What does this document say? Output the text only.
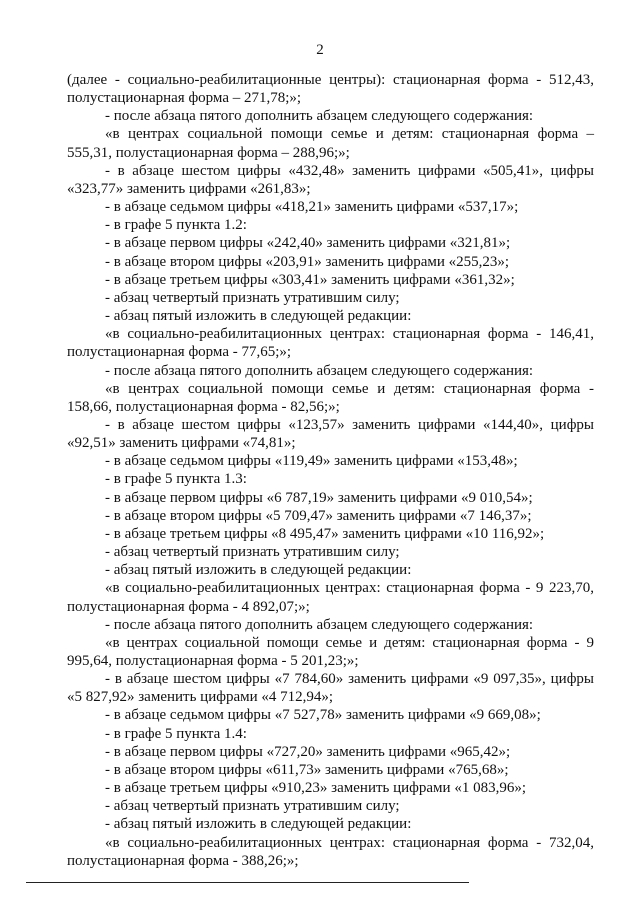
2

(далее - социально-реабилитационные центры): стационарная форма - 512,43, полустационарная форма – 271,78;»;

- после абзаца пятого дополнить абзацем следующего содержания:

«в центрах социальной помощи семье и детям: стационарная форма – 555,31, полустационарная форма – 288,96;»;

- в абзаце шестом цифры «432,48» заменить цифрами «505,41», цифры «323,77» заменить цифрами «261,83»;

- в абзаце седьмом цифры «418,21» заменить цифрами «537,17»;

- в графе 5 пункта 1.2:

- в абзаце первом цифры «242,40» заменить цифрами «321,81»;

- в абзаце втором цифры «203,91» заменить цифрами «255,23»;

- в абзаце третьем цифры «303,41» заменить цифрами «361,32»;

- абзац четвертый признать утратившим силу;

- абзац пятый изложить в следующей редакции:

«в социально-реабилитационных центрах: стационарная форма - 146,41, полустационарная форма - 77,65;»;

- после абзаца пятого дополнить абзацем следующего содержания:

«в центрах социальной помощи семье и детям: стационарная форма - 158,66, полустационарная форма - 82,56;»;

- в абзаце шестом цифры «123,57» заменить цифрами «144,40», цифры «92,51» заменить цифрами «74,81»;

- в абзаце седьмом цифры «119,49» заменить цифрами «153,48»;

- в графе 5 пункта 1.3:

- в абзаце первом цифры «6 787,19» заменить цифрами «9 010,54»;

- в абзаце втором цифры «5 709,47» заменить цифрами «7 146,37»;

- в абзаце третьем цифры «8 495,47» заменить цифрами «10 116,92»;

- абзац четвертый признать утратившим силу;

- абзац пятый изложить в следующей редакции:

«в социально-реабилитационных центрах: стационарная форма - 9 223,70, полустационарная форма - 4 892,07;»;

- после абзаца пятого дополнить абзацем следующего содержания:

«в центрах социальной помощи семье и детям: стационарная форма - 9 995,64, полустационарная форма - 5 201,23;»;

- в абзаце шестом цифры «7 784,60» заменить цифрами «9 097,35», цифры «5 827,92» заменить цифрами «4 712,94»;

- в абзаце седьмом цифры «7 527,78» заменить цифрами «9 669,08»;

- в графе 5 пункта 1.4:

- в абзаце первом цифры «727,20» заменить цифрами «965,42»;

- в абзаце втором цифры «611,73» заменить цифрами «765,68»;

- в абзаце третьем цифры «910,23» заменить цифрами «1 083,96»;

- абзац четвертый признать утратившим силу;

- абзац пятый изложить в следующей редакции:

«в социально-реабилитационных центрах: стационарная форма - 732,04, полустационарная форма - 388,26;»;
